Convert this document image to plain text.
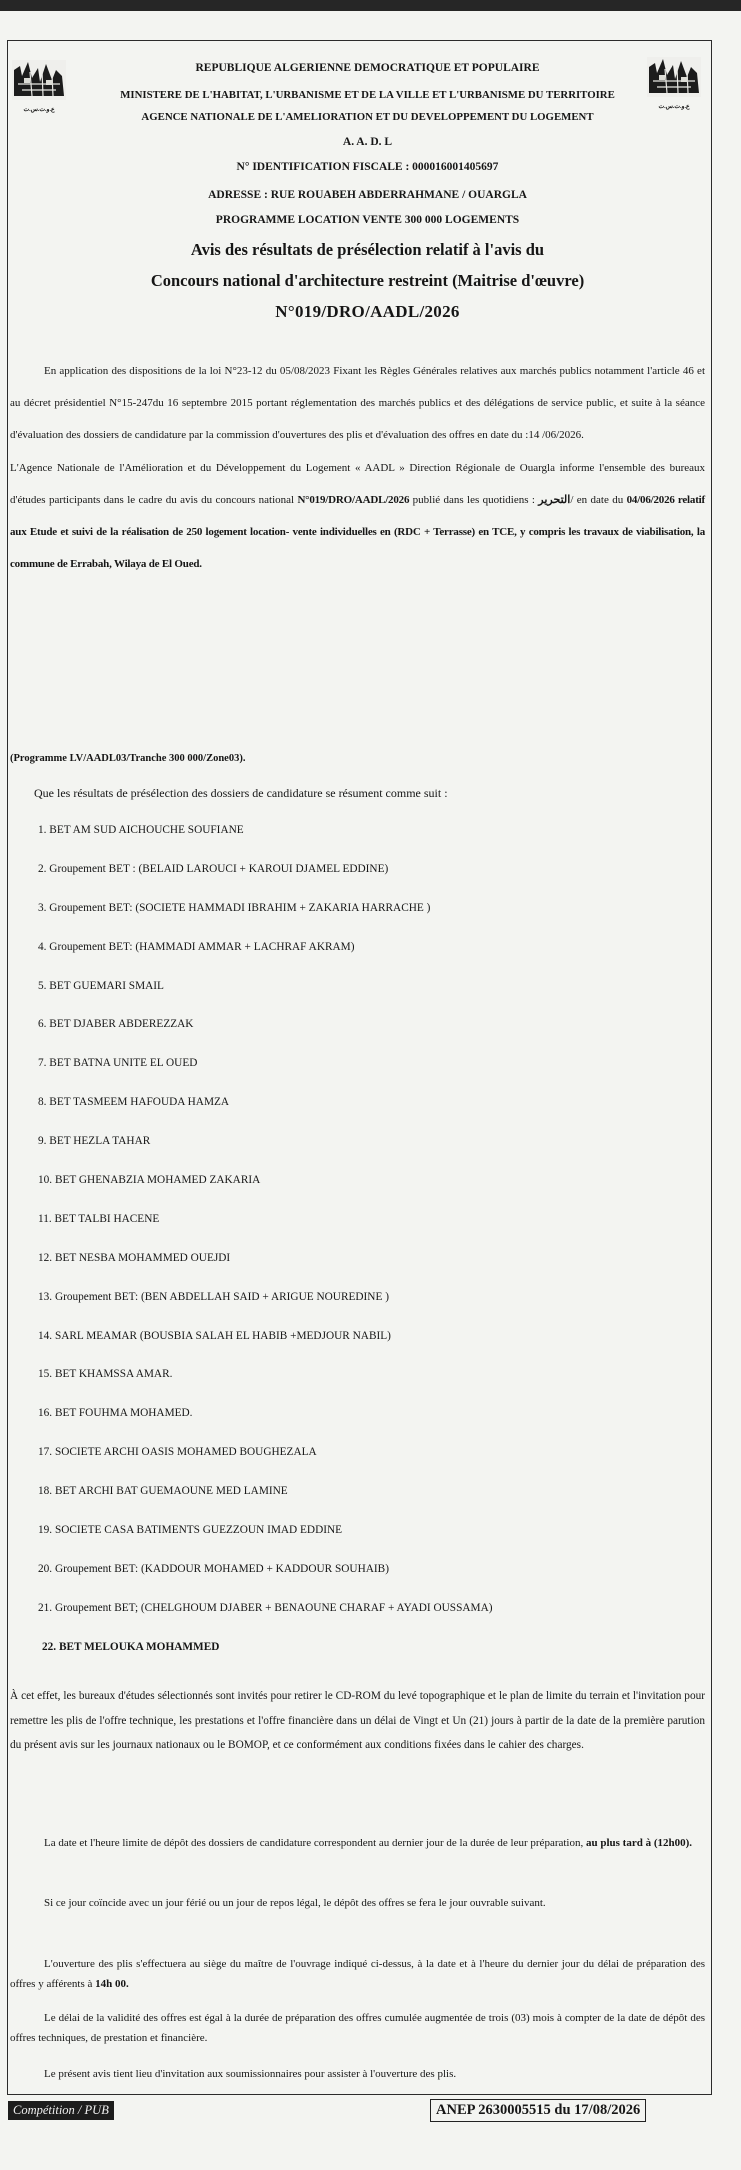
ع.و.ت.س.ت	ع.و.ت.س.ت
REPUBLIQUE ALGERIENNE DEMOCRATIQUE ET POPULAIRE
MINISTERE DE L'HABITAT, L'URBANISME ET DE LA VILLE ET L'URBANISME DU TERRITOIRE
AGENCE NATIONALE DE L'AMELIORATION ET DU DEVELOPPEMENT DU LOGEMENT
A. A. D. L
N° IDENTIFICATION FISCALE : 000016001405697
ADRESSE : RUE ROUABEH ABDERRAHMANE / OUARGLA
PROGRAMME LOCATION VENTE 300 000 LOGEMENTS
Avis des résultats de présélection relatif à l'avis du
Concours national d'architecture restreint (Maitrise d'œuvre)
N°019/DRO/AADL/2026

En application des dispositions de la loi N°23-12 du 05/08/2023 Fixant les Règles Générales relatives aux marchés publics notamment l'article 46 et au décret présidentiel N°15-247du 16 septembre 2015 portant réglementation des marchés publics et des délégations de service public, et suite à la séance d'évaluation des dossiers de candidature par la commission d'ouvertures des plis et d'évaluation des offres en date du :14 /06/2026.

L'Agence Nationale de l'Amélioration et du Développement du Logement « AADL » Direction Régionale de Ouargla informe l'ensemble des bureaux d'études participants dans le cadre du avis du concours national N°019/DRO/AADL/2026 publié dans les quotidiens : التحرير/ en date du 04/06/2026 relatif aux Etude et suivi de la réalisation de 250 logement location- vente individuelles en (RDC + Terrasse) en TCE, y compris les travaux de viabilisation, la commune de Errabah, Wilaya de El Oued.

(Programme LV/AADL03/Tranche 300 000/Zone03).
Que les résultats de présélection des dossiers de candidature se résument comme suit :
1. BET AM SUD AICHOUCHE SOUFIANE
2. Groupement BET : (BELAID LAROUCI + KAROUI DJAMEL EDDINE)
3. Groupement BET: (SOCIETE HAMMADI IBRAHIM + ZAKARIA HARRACHE )
4. Groupement BET: (HAMMADI AMMAR + LACHRAF AKRAM)
5. BET GUEMARI SMAIL
6. BET DJABER ABDEREZZAK
7. BET BATNA UNITE EL OUED
8. BET TASMEEM HAFOUDA HAMZA
9. BET HEZLA TAHAR
10. BET GHENABZIA MOHAMED ZAKARIA
11. BET TALBI HACENE
12. BET NESBA MOHAMMED OUEJDI
13. Groupement BET: (BEN ABDELLAH SAID + ARIGUE NOUREDINE )
14. SARL MEAMAR (BOUSBIA SALAH EL HABIB +MEDJOUR NABIL)
15. BET KHAMSSA AMAR.
16. BET FOUHMA MOHAMED.
17. SOCIETE ARCHI OASIS MOHAMED BOUGHEZALA
18. BET ARCHI BAT GUEMAOUNE MED LAMINE
19. SOCIETE CASA BATIMENTS GUEZZOUN IMAD EDDINE
20. Groupement BET: (KADDOUR MOHAMED + KADDOUR SOUHAIB)
21. Groupement BET; (CHELGHOUM DJABER + BENAOUNE CHARAF + AYADI OUSSAMA)
22. BET MELOUKA MOHAMMED
À cet effet, les bureaux d'études sélectionnés sont invités pour retirer le CD-ROM du levé topographique et le plan de limite du terrain et l'invitation pour remettre les plis de l'offre technique, les prestations et l'offre financière dans un délai de Vingt et Un (21) jours à partir de la date de la première parution du présent avis sur les journaux nationaux ou le BOMOP, et ce conformément aux conditions fixées dans le cahier des charges.

La date et l'heure limite de dépôt des dossiers de candidature correspondent au dernier jour de la durée de leur préparation, au plus tard à (12h00).

Si ce jour coïncide avec un jour férié ou un jour de repos légal, le dépôt des offres se fera le jour ouvrable suivant.

L'ouverture des plis s'effectuera au siège du maître de l'ouvrage indiqué ci-dessus, à la date et à l'heure du dernier jour du délai de préparation des offres y afférents à 14h 00.

Le délai de la validité des offres est égal à la durée de préparation des offres cumulée augmentée de trois (03) mois à compter de la date de dépôt des offres techniques, de prestation et financière.

Le présent avis tient lieu d'invitation aux soumissionnaires pour assister à l'ouverture des plis.

Compétition / PUB	ANEP 2630005515 du 17/08/2026
